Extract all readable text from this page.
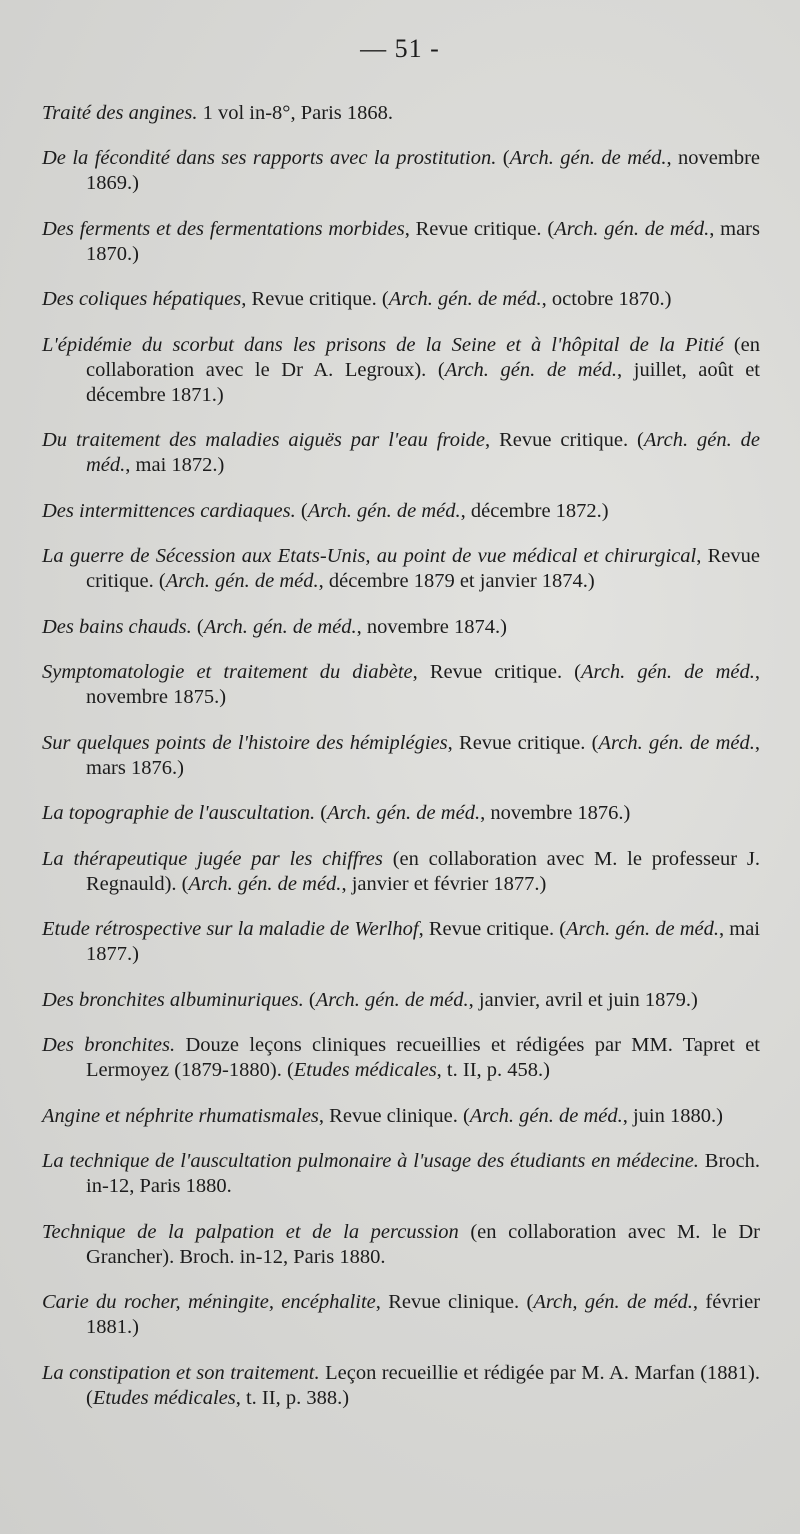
— 51 -

Traité des angines. 1 vol in-8°, Paris 1868.

De la fécondité dans ses rapports avec la prostitution. (Arch. gén. de méd., novembre 1869.)

Des ferments et des fermentations morbides, Revue critique. (Arch. gén. de méd., mars 1870.)

Des coliques hépatiques, Revue critique. (Arch. gén. de méd., octobre 1870.)

L'épidémie du scorbut dans les prisons de la Seine et à l'hôpital de la Pitié (en collaboration avec le Dr A. Legroux). (Arch. gén. de méd., juillet, août et décembre 1871.)

Du traitement des maladies aiguës par l'eau froide, Revue critique. (Arch. gén. de méd., mai 1872.)

Des intermittences cardiaques. (Arch. gén. de méd., décembre 1872.)

La guerre de Sécession aux Etats-Unis, au point de vue médical et chirurgical, Revue critique. (Arch. gén. de méd., décembre 1879 et janvier 1874.)

Des bains chauds. (Arch. gén. de méd., novembre 1874.)

Symptomatologie et traitement du diabète, Revue critique. (Arch. gén. de méd., novembre 1875.)

Sur quelques points de l'histoire des hémiplégies, Revue critique. (Arch. gén. de méd., mars 1876.)

La topographie de l'auscultation. (Arch. gén. de méd., novembre 1876.)

La thérapeutique jugée par les chiffres (en collaboration avec M. le professeur J. Regnauld). (Arch. gén. de méd., janvier et février 1877.)

Etude rétrospective sur la maladie de Werlhof, Revue critique. (Arch. gén. de méd., mai 1877.)

Des bronchites albuminuriques. (Arch. gén. de méd., janvier, avril et juin 1879.)

Des bronchites. Douze leçons cliniques recueillies et rédigées par MM. Tapret et Lermoyez (1879-1880). (Etudes médicales, t. II, p. 458.)

Angine et néphrite rhumatismales, Revue clinique. (Arch. gén. de méd., juin 1880.)

La technique de l'auscultation pulmonaire à l'usage des étudiants en médecine. Broch. in-12, Paris 1880.

Technique de la palpation et de la percussion (en collaboration avec M. le Dr Grancher). Broch. in-12, Paris 1880.

Carie du rocher, méningite, encéphalite, Revue clinique. (Arch, gén. de méd., février 1881.)

La constipation et son traitement. Leçon recueillie et rédigée par M. A. Marfan (1881). (Etudes médicales, t. II, p. 388.)
